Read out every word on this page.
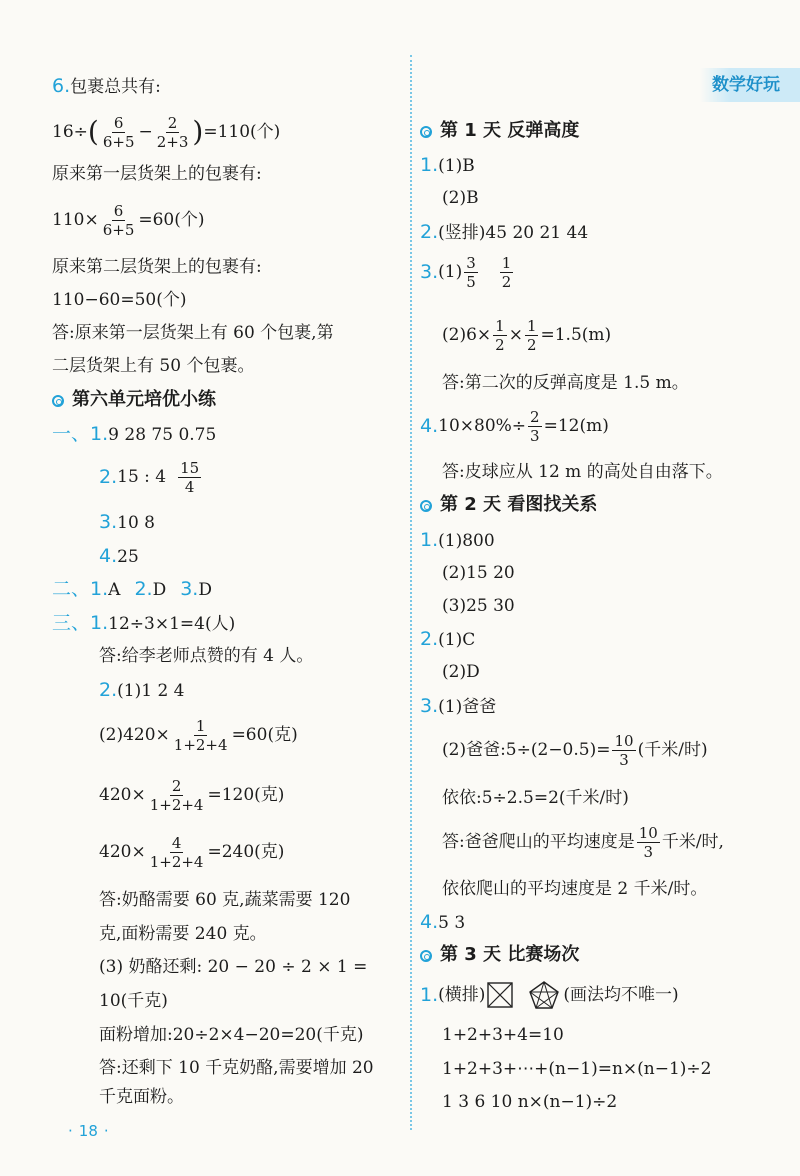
数学好玩
6.包裹总共有:
16÷ ( $\frac{6}{6+5} - \frac{2}{2+3}$ ) =110(个)
原来第一层货架上的包裹有:
$110\times \frac{6}{6+5} =60$(个)
原来第二层货架上的包裹有:
110−60=50(个)
答:原来第一层货架上有 60 个包裹,第
二层货架上有 50 个包裹。
第六单元培优小练
一、1.9 28 75 0.75
2. 15 : $4 \frac{15}{4}$
3.10 8
4.25
二、1.A 2.D 3.D
三、1.12÷3×1=4(人)
答:给李老师点赞的有 4 人。
2.(1)1 2 4
$(2)420\times \frac{1}{1+2+4} =60$(克)
$420\times \frac{2}{1+2+4} =120$(克)
$420\times \frac{4}{1+2+4} =240$(克)
答:奶酪需要 60 克,蔬菜需要 120
克,面粉需要 240 克。
(3) 奶酪还剩: 20 − 20 ÷ 2 × 1 =
10(千克)
面粉增加:20÷2×4−20=20(千克)
答:还剩下 10 千克奶酪,需要增加 20
千克面粉。
第 1 天 反弹高度
1.(1)B
(2)B
2.(竖排)45 20 21 44
3. $(1) \frac{3}{5} \frac{1}{2}$
$(2)6\times \frac{1}{2} \times \frac{1}{2} =1.5(m)$
答:第二次的反弹高度是 1.5 m。
4. $10\times 80\%\div \frac{2}{3} =12(m)$
答:皮球应从 12 m 的高处自由落下。
第 2 天 看图找关系
1.(1)800
(2)15 20
(3)25 30
2.(1)C
(2)D
3.(1)爸爸
(2)爸爸:5÷(2−0.5)= $\frac{10}{3}$ (千米/时)
依依:5÷2.5=2(千米/时)
答:爸爸爬山的平均速度是 $\frac{10}{3}$ 千米/时,
依依爬山的平均速度是 2 千米/时。
4.5 3
第 3 天 比赛场次
1. (横排)	(画法均不唯一)
1+2+3+4=10
1+2+3+⋯+(n−1)=n×(n−1)÷2
1 3 6 10 n×(n−1)÷2
· 18 ·
